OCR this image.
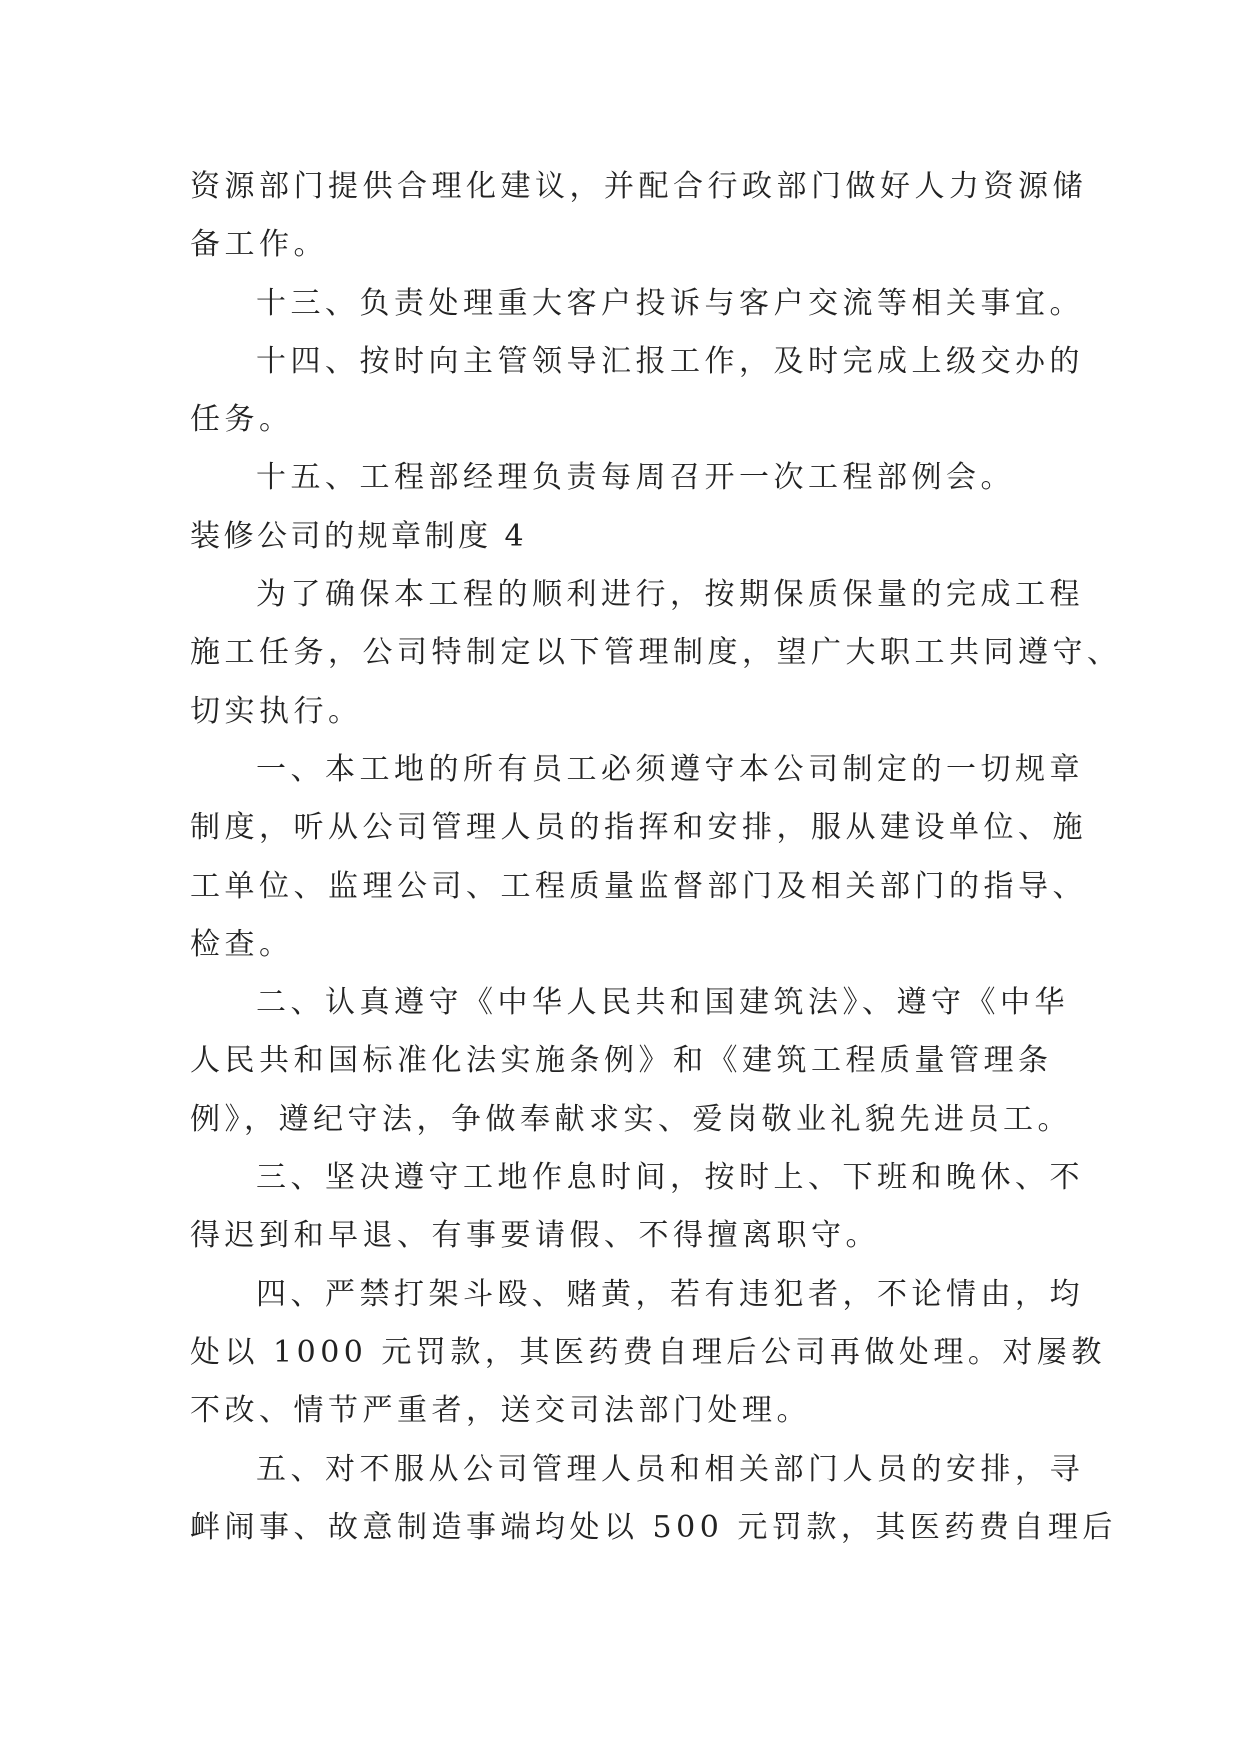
资源部门提供合理化建议，并配合行政部门做好人力资源储
备工作。
十三、负责处理重大客户投诉与客户交流等相关事宜。
十四、按时向主管领导汇报工作，及时完成上级交办的
任务。
十五、工程部经理负责每周召开一次工程部例会。
装修公司的规章制度 4
为了确保本工程的顺利进行，按期保质保量的完成工程
施工任务，公司特制定以下管理制度，望广大职工共同遵守、
切实执行。
一、本工地的所有员工必须遵守本公司制定的一切规章
制度，听从公司管理人员的指挥和安排，服从建设单位、施
工单位、监理公司、工程质量监督部门及相关部门的指导、
检查。
二、认真遵守《中华人民共和国建筑法》、遵守《中华
人民共和国标准化法实施条例》和《建筑工程质量管理条
例》，遵纪守法，争做奉献求实、爱岗敬业礼貌先进员工。
三、坚决遵守工地作息时间，按时上、下班和晚休、不
得迟到和早退、有事要请假、不得擅离职守。
四、严禁打架斗殴、赌黄，若有违犯者，不论情由，均
处以 1000 元罚款，其医药费自理后公司再做处理。对屡教
不改、情节严重者，送交司法部门处理。
五、对不服从公司管理人员和相关部门人员的安排，寻
衅闹事、故意制造事端均处以 500 元罚款，其医药费自理后
